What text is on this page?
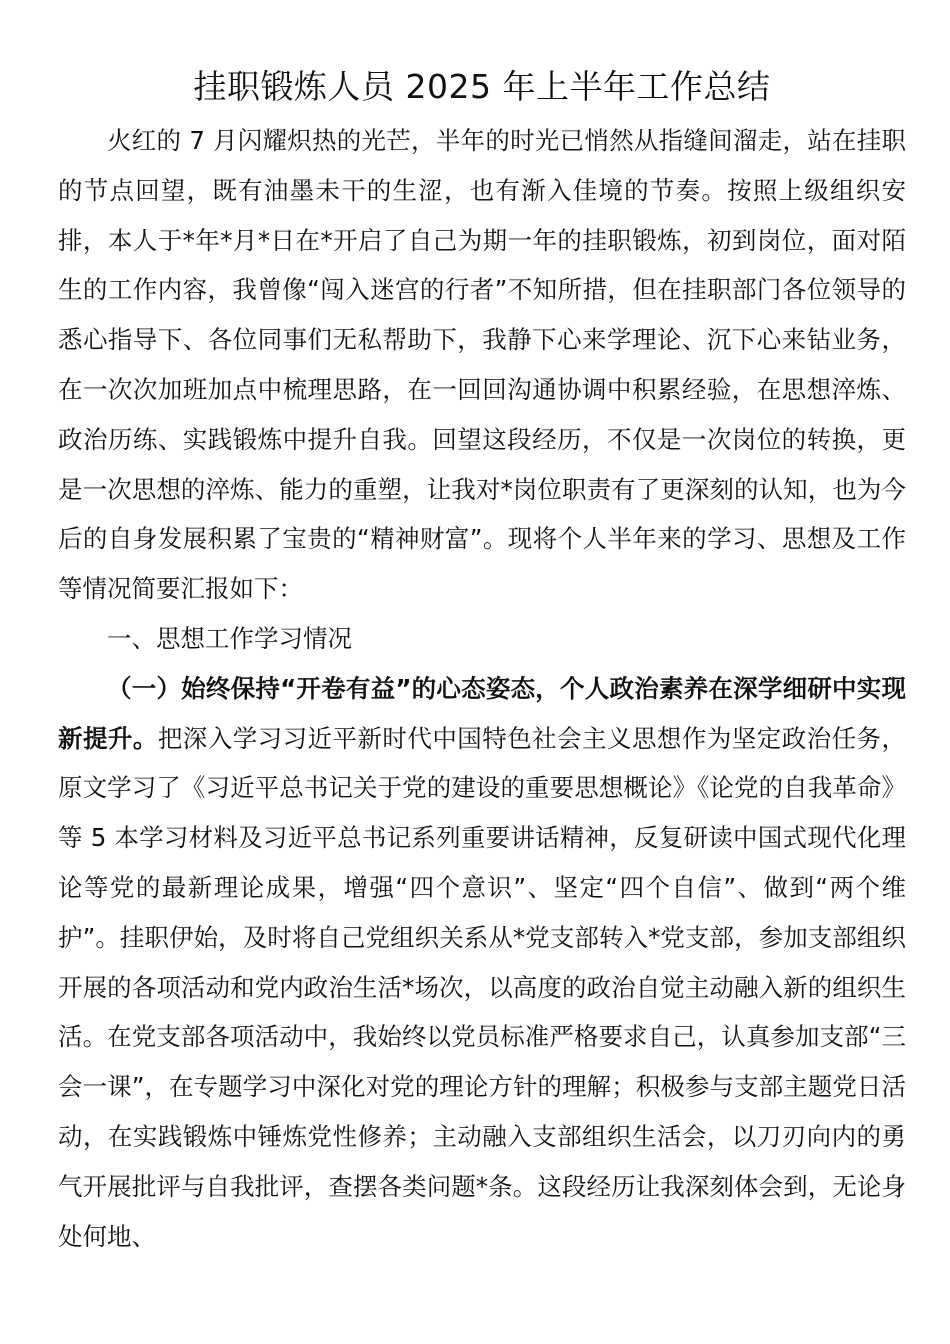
挂职锻炼人员 2025 年上半年工作总结

火红的 7 月闪耀炽热的光芒，半年的时光已悄然从指缝间溜走，站在挂职的节点回望，既有油墨未干的生涩，也有渐入佳境的节奏。按照上级组织安排，本人于*年*月*日在*开启了自己为期一年的挂职锻炼，初到岗位，面对陌生的工作内容，我曾像“闯入迷宫的行者”不知所措，但在挂职部门各位领导的悉心指导下、各位同事们无私帮助下，我静下心来学理论、沉下心来钻业务，在一次次加班加点中梳理思路，在一回回沟通协调中积累经验，在思想淬炼、政治历练、实践锻炼中提升自我。回望这段经历，不仅是一次岗位的转换，更是一次思想的淬炼、能力的重塑，让我对*岗位职责有了更深刻的认知，也为今后的自身发展积累了宝贵的“精神财富”。现将个人半年来的学习、思想及工作等情况简要汇报如下：

一、思想工作学习情况

（一）始终保持“开卷有益”的心态姿态，个人政治素养在深学细研中实现新提升。把深入学习习近平新时代中国特色社会主义思想作为坚定政治任务，原文学习了《习近平总书记关于党的建设的重要思想概论》《论党的自我革命》等 5 本学习材料及习近平总书记系列重要讲话精神，反复研读中国式现代化理论等党的最新理论成果，增强“四个意识”、坚定“四个自信”、做到“两个维护”。挂职伊始，及时将自己党组织关系从*党支部转入*党支部，参加支部组织开展的各项活动和党内政治生活*场次，以高度的政治自觉主动融入新的组织生活。在党支部各项活动中，我始终以党员标准严格要求自己，认真参加支部“三会一课”，在专题学习中深化对党的理论方针的理解；积极参与支部主题党日活动，在实践锻炼中锤炼党性修养；主动融入支部组织生活会，以刀刃向内的勇气开展批评与自我批评，查摆各类问题*条。这段经历让我深刻体会到，无论身处何地、
